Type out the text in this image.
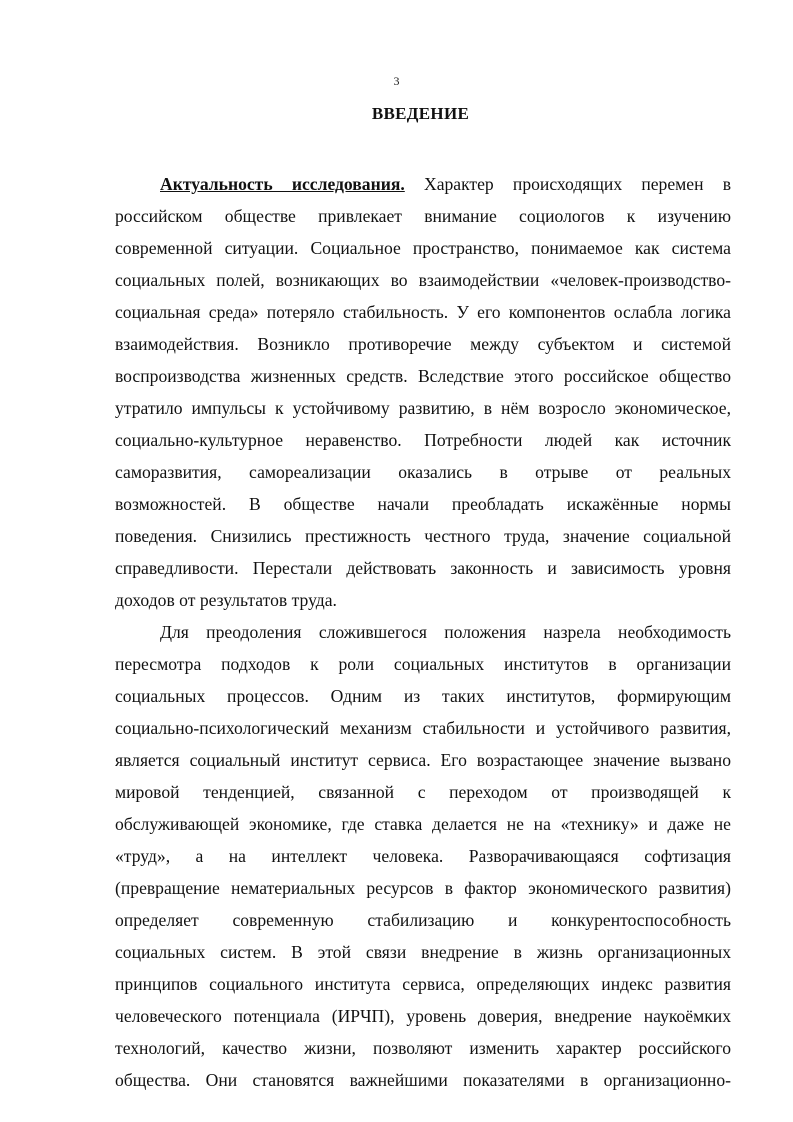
3
ВВЕДЕНИЕ
Актуальность исследования. Характер происходящих перемен в
российском обществе привлекает внимание социологов к изучению
современной ситуации. Социальное пространство, понимаемое как система
социальных полей, возникающих во взаимодействии «человек-производство-
социальная среда» потеряло стабильность. У его компонентов ослабла логика
взаимодействия. Возникло противоречие между субъектом и системой
воспроизводства жизненных средств. Вследствие этого российское общество
утратило импульсы к устойчивому развитию, в нём возросло экономическое,
социально-культурное неравенство. Потребности людей как источник
саморазвития, самореализации оказались в отрыве от реальных
возможностей. В обществе начали преобладать искажённые нормы
поведения. Снизились престижность честного труда, значение социальной
справедливости. Перестали действовать законность и зависимость уровня
доходов от результатов труда.
Для преодоления сложившегося положения назрела необходимость
пересмотра подходов к роли социальных институтов в организации
социальных процессов. Одним из таких институтов, формирующим
социально-психологический механизм стабильности и устойчивого развития,
является социальный институт сервиса. Его возрастающее значение вызвано
мировой тенденцией, связанной с переходом от производящей к
обслуживающей экономике, где ставка делается не на «технику» и даже не
«труд», а на интеллект человека. Разворачивающаяся софтизация
(превращение нематериальных ресурсов в фактор экономического развития)
определяет современную стабилизацию и конкурентоспособность
социальных систем. В этой связи внедрение в жизнь организационных
принципов социального института сервиса, определяющих индекс развития
человеческого потенциала (ИРЧП), уровень доверия, внедрение наукоёмких
технологий, качество жизни, позволяют изменить характер российского
общества. Они становятся важнейшими показателями в организационно-
